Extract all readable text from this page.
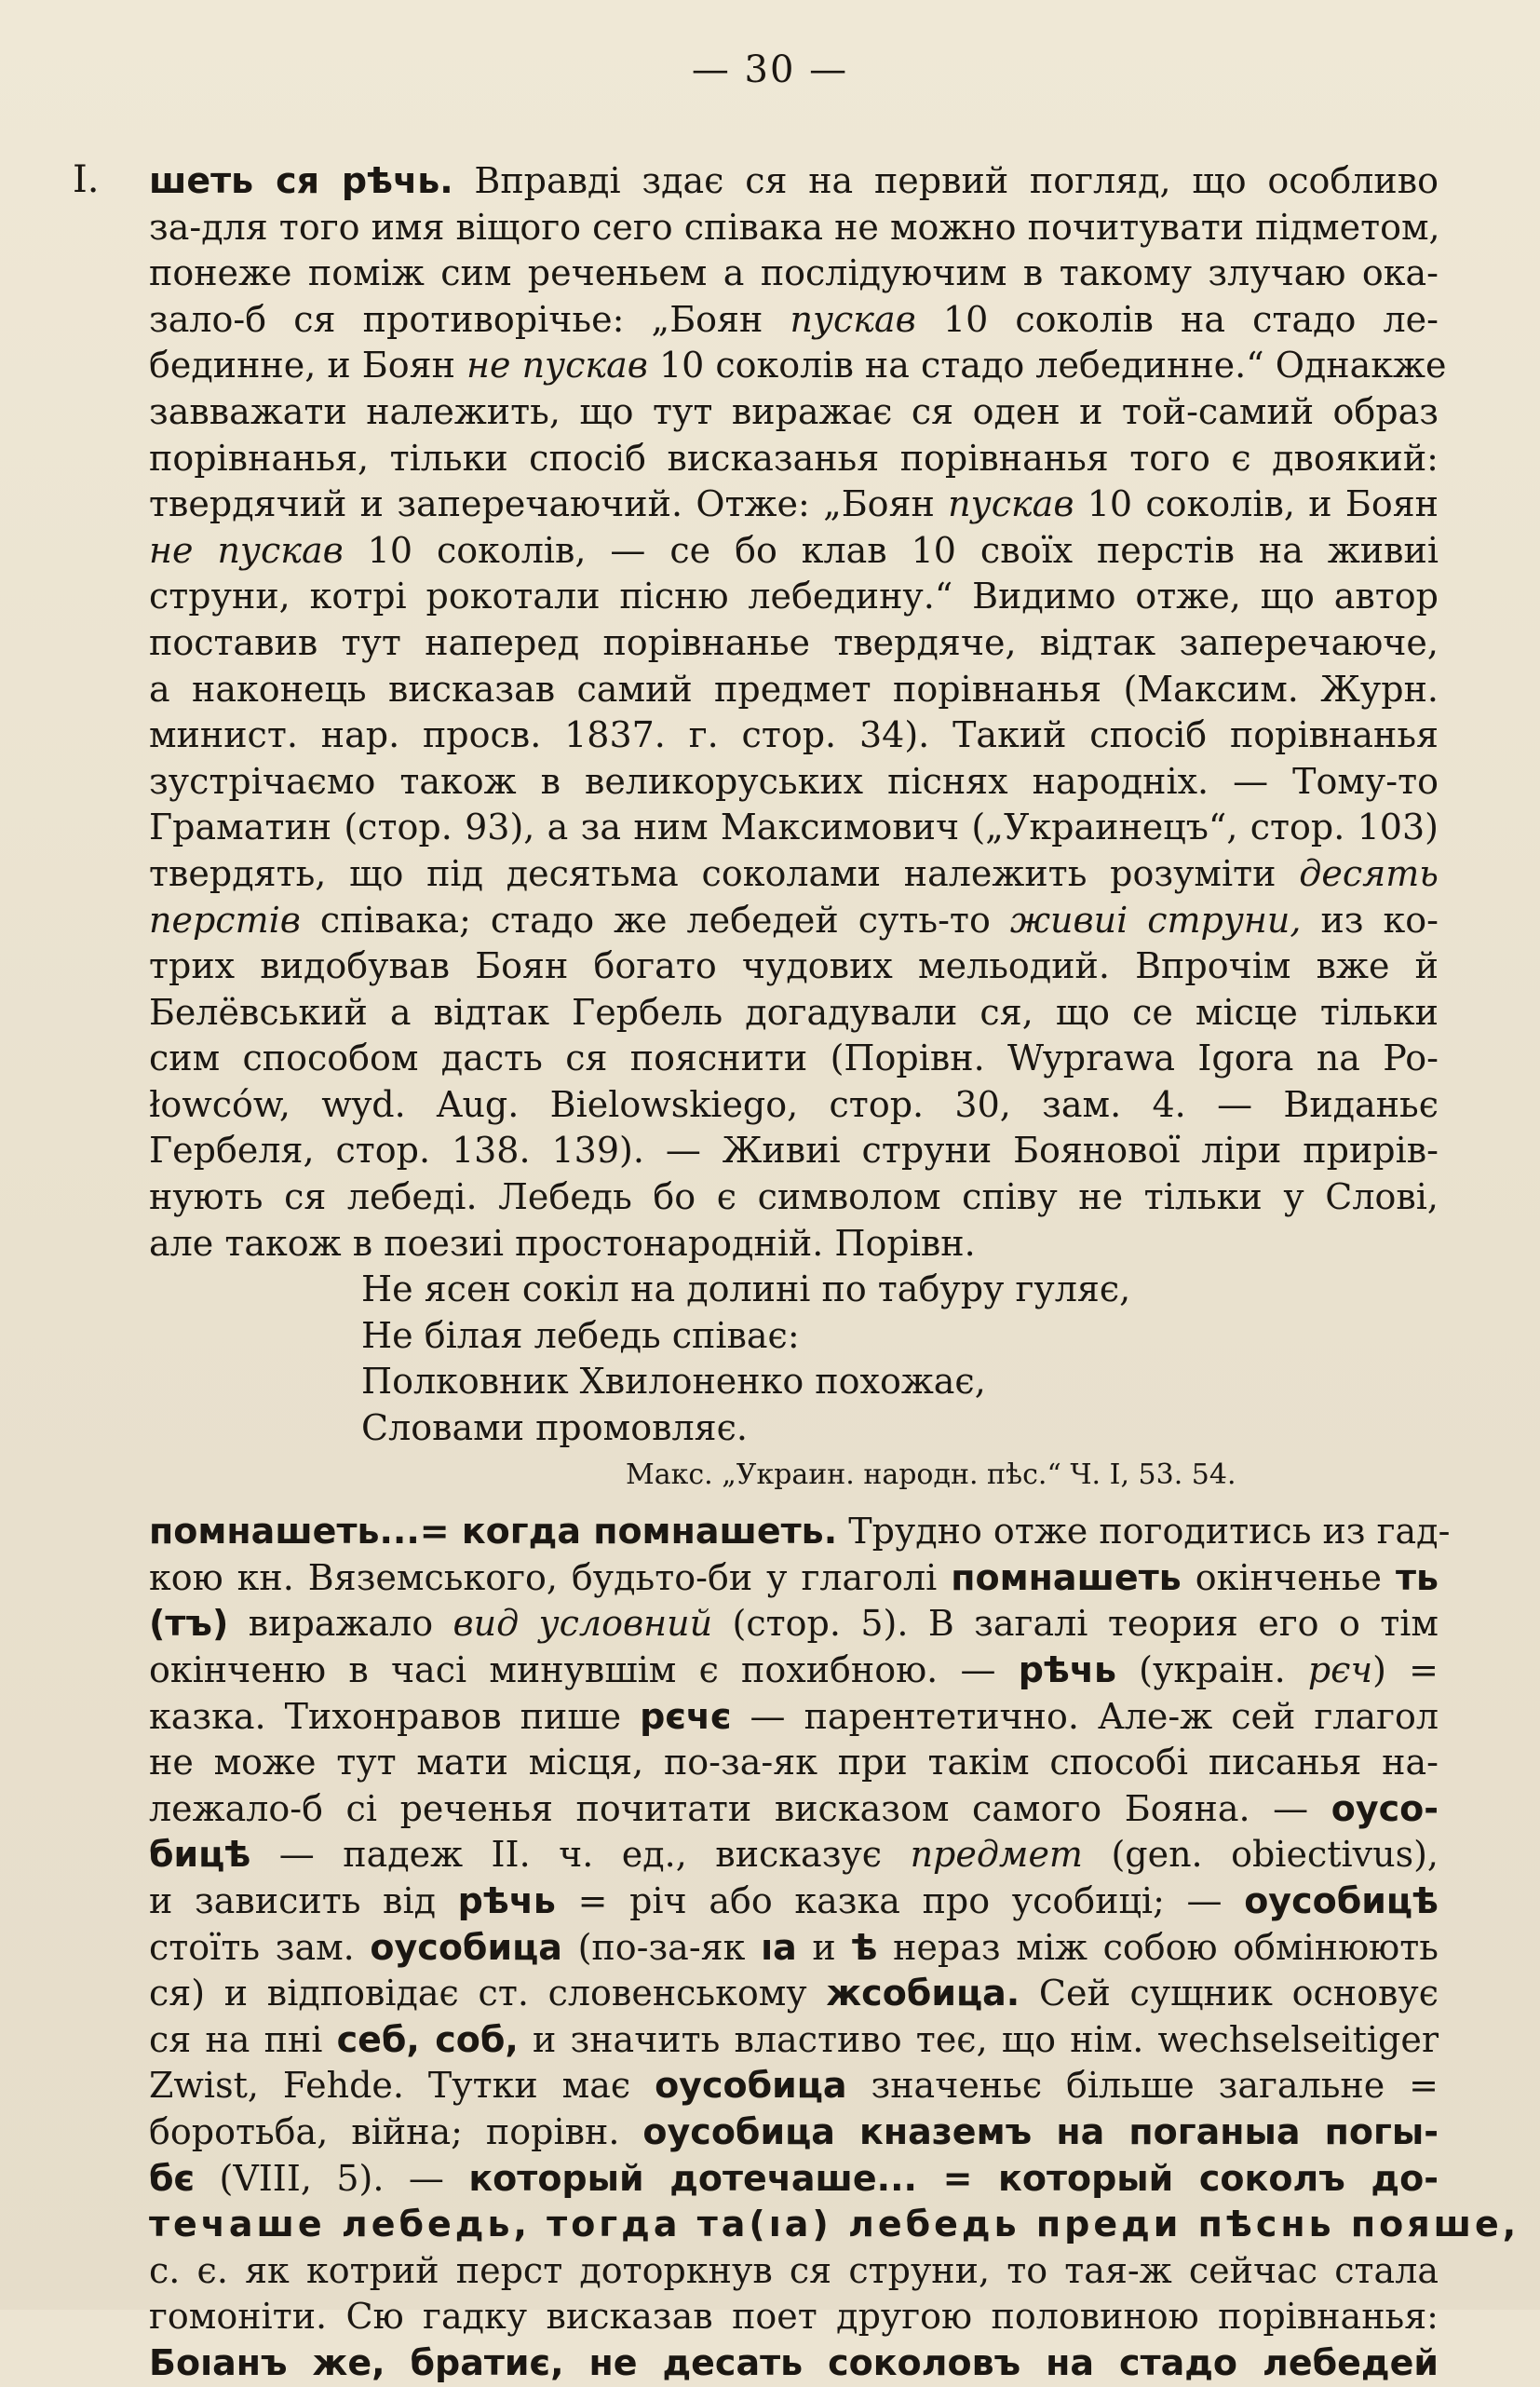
— 30 —
I. шеть ся рѣчь. Вправді здає ся на первий погляд, що особливо
за-для того имя віщого сего співака не можно почитувати підметом,
понеже поміж сим реченьем а послідуючим в такому злучаю ока-
зало-б ся противорічье: „Боян пускав 10 соколів на стадо ле-
бединне, и Боян не пускав 10 соколів на стадо лебединне.“ Однакже
завважати належить, що тут виражає ся оден и той-самий образ
порівнанья, тільки спосіб висказанья порівнанья того є двоякий:
твердячий и заперечаючий. Отже: „Боян пускав 10 соколів, и Боян
не пускав 10 соколів, — се бо клав 10 своїх перстів на живиі
струни, котрі рокотали пісню лебедину.“ Видимо отже, що автор
поставив тут наперед порівнанье твердяче, відтак заперечаюче,
а наконець висказав самий предмет порівнанья (Максим. Журн.
минист. нар. просв. 1837. г. стор. 34). Такий спосіб порівнанья
зустрічаємо також в великоруських піснях народніх. — Тому-то
Граматин (стор. 93), а за ним Максимович („Украинецъ“, стор. 103)
твердять, що під десятьма соколами належить розуміти десять
перстів співака; стадо же лебедей суть-то живиі струни, из ко-
трих видобував Боян богато чудових мельодий. Впрочім вже й
Белёвський а відтак Гербель догадували ся, що се місце тільки
сим способом дасть ся пояснити (Порівн. Wyprawa Igora na Po-
łowców, wyd. Aug. Bielowskiego, стор. 30, зам. 4. — Виданьє
Гербеля, стор. 138. 139). — Живиі струни Боянової ліри прирів-
нують ся лебеді. Лебедь бо є символом співу не тільки у Слові,
але також в поезиі простонародній. Порівн.
Не ясен сокіл на долині по табуру гуляє,
Не білая лебедь співає:
Полковник Хвилоненко похожає,
Словами промовляє.
Макс. „Украин. народн. пѣс.“ Ч. I, 53. 54.
помнашеть...= когда помнашеть. Трудно отже погодитись из гад-
кою кн. Вяземського, будьто-би у глаголі помнашеть окінченье ть
(тъ) виражало вид условний (стор. 5). В загалі теория его о тім
окінченю в часі минувшім є похибною. — рѣчь (украін. рєч) =
казка. Тихонравов пише рєчє — парентетично. Але-ж сей глагол
не може тут мати місця, по-за-як при такім способі писанья на-
лежало-б сі реченья почитати висказом самого Бояна. — оусо-
бицѣ — падеж II. ч. ед., висказує предмет (gen. obiectivus),
и зависить від рѣчь = річ або казка про усобиці; — оусобицѣ
стоїть зам. оусобица (по-за-як ıа и ѣ нераз між собою обмінюють
ся) и відповідає ст. словенському жсобица. Сей сущник основує
ся на пні себ, соб, и значить властиво теє, що нім. wechselseitiger
Zwist, Fehde. Тутки має оусобица значеньє більше загальне =
боротьба, війна; порівн. оусобица кназемъ на поганыа погы-
бє (VIII, 5). — который дотечаше... = который соколъ до-
течаше лебедь, тогда та(ıа) лебедь преди пѣснь пояше,
с. є. як котрий перст доторкнув ся струни, то тая-ж сейчас стала
гомоніти. Сю гадку висказав поет другою половиною порівнанья:
Боıанъ же, братиє, не десать соколовъ на стадо лебедей
